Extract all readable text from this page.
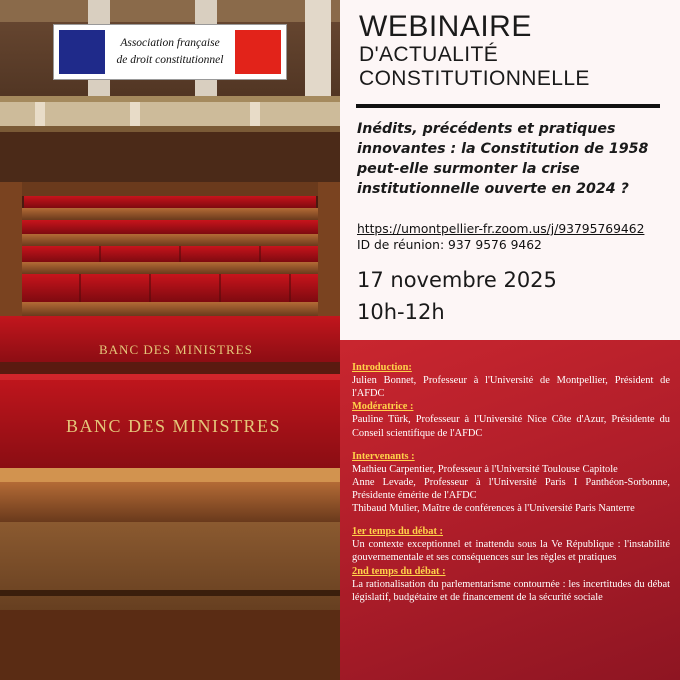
Association française
de droit constitutionnel
BANC DES MINISTRES
BANC DES MINISTRES
WEBINAIRE
D'ACTUALITÉ
CONSTITUTIONNELLE
Inédits, précédents et pratiques innovantes : la Constitution de 1958 peut-elle surmonter la crise institutionnelle ouverte en 2024 ?
https://umontpellier-fr.zoom.us/j/93795769462
ID de réunion: 937 9576 9462
17 novembre 2025
10h-12h
Introduction:

Julien Bonnet, Professeur à l'Université de Montpellier, Président de l'AFDC

Modératrice :

Pauline Türk, Professeur à l'Université Nice Côte d'Azur, Présidente du Conseil scientifique de l'AFDC

Intervenants :

Mathieu Carpentier, Professeur à l'Université Toulouse Capitole

Anne Levade, Professeur à l'Université Paris I Panthéon-Sorbonne, Présidente émérite de l'AFDC

Thibaud Mulier, Maître de conférences à l'Université Paris Nanterre

1er temps du débat :

Un contexte exceptionnel et inattendu sous la Ve République : l'instabilité gouvernementale et ses conséquences sur les règles et pratiques

2nd temps du débat :

La rationalisation du parlementarisme contournée : les incertitudes du débat législatif, budgétaire et de financement de la sécurité sociale
